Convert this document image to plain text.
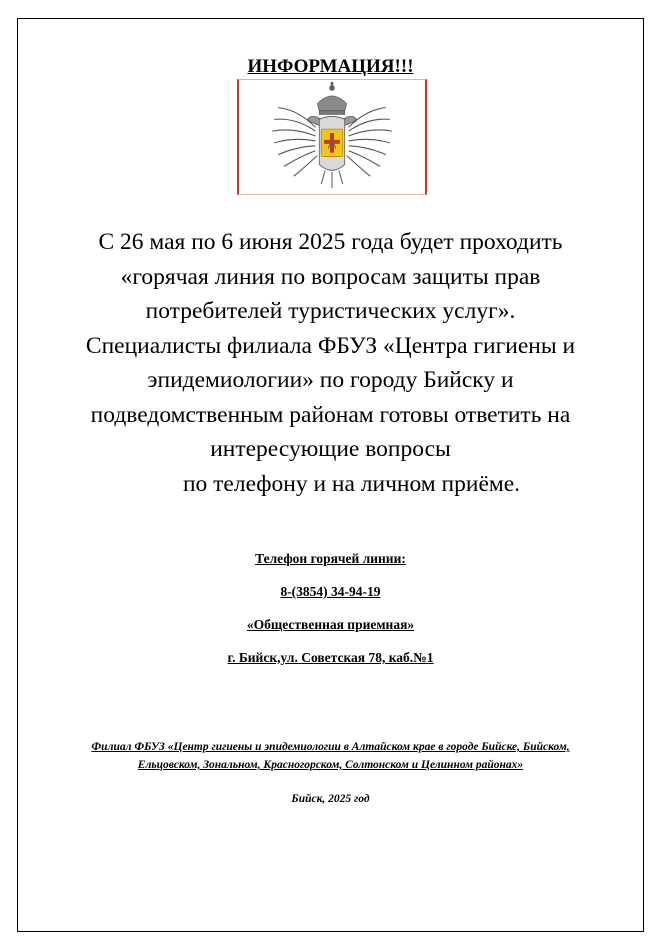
ИНФОРМАЦИЯ!!!
С 26 мая по 6 июня 2025 года будет проходить
«горячая линия по вопросам защиты прав
потребителей туристических услуг».
Специалисты филиала ФБУЗ «Центра гигиены и
эпидемиологии» по городу Бийску и
подведомственным районам готовы ответить на
интересующие вопросы
по телефону и на личном приёме.
Телефон горячей линии:
8-(3854) 34-94-19
«Общественная приемная»
г. Бийск,ул. Советская 78, каб.№1
Филиал ФБУЗ «Центр гигиены и эпидемиологии в Алтайском крае в городе Бийске, Бийском,
Ельцовском, Зональном, Красногорском, Солтонском и Целинном районах»
Бийск, 2025 год
